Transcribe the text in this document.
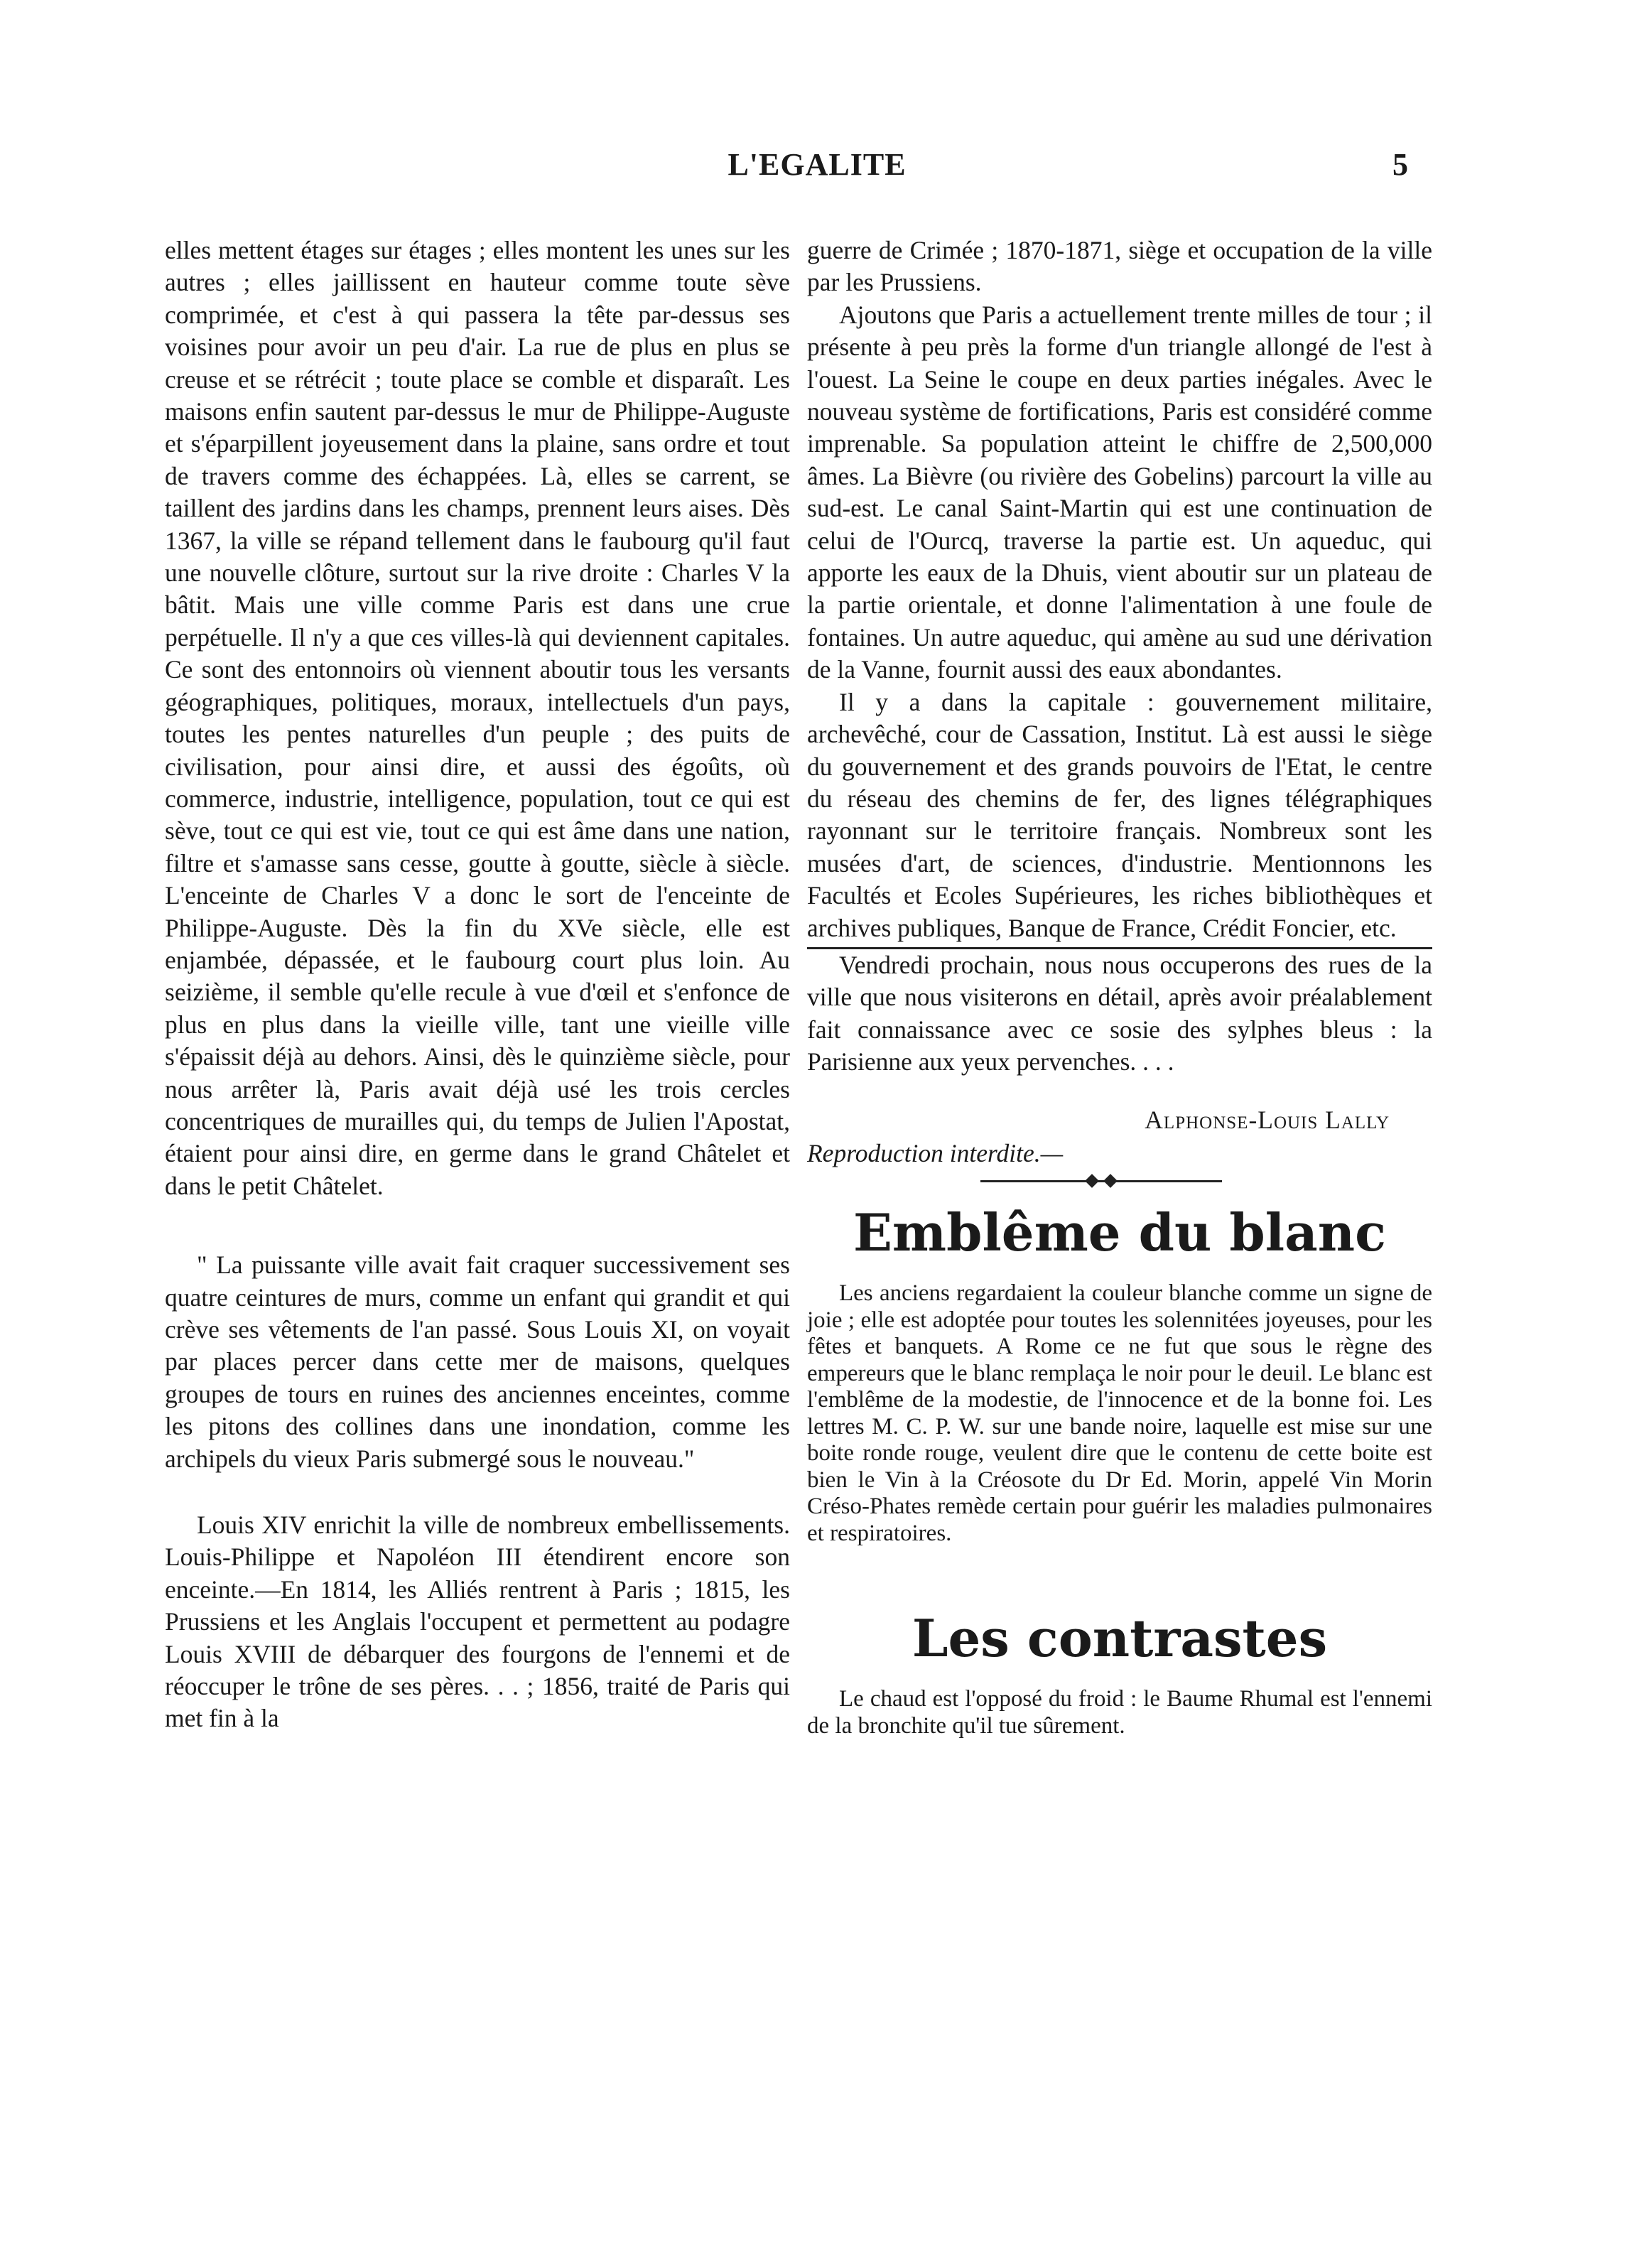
L'EGALITE	5

elles mettent étages sur étages ; elles montent les unes sur les autres ; elles jaillissent en hauteur comme toute sève comprimée, et c'est à qui passera la tête par-dessus ses voisines pour avoir un peu d'air. La rue de plus en plus se creuse et se rétrécit ; toute place se comble et disparaît. Les maisons enfin sautent par-dessus le mur de Philippe-Auguste et s'éparpillent joyeusement dans la plaine, sans ordre et tout de travers comme des échappées. Là, elles se carrent, se taillent des jardins dans les champs, prennent leurs aises. Dès 1367, la ville se répand tellement dans le faubourg qu'il faut une nouvelle clôture, surtout sur la rive droite : Charles V la bâtit. Mais une ville comme Paris est dans une crue perpétuelle. Il n'y a que ces villes-là qui deviennent capitales. Ce sont des entonnoirs où viennent aboutir tous les versants géographiques, politiques, moraux, intellectuels d'un pays, toutes les pentes naturelles d'un peuple ; des puits de civilisation, pour ainsi dire, et aussi des égoûts, où commerce, industrie, intelligence, population, tout ce qui est sève, tout ce qui est vie, tout ce qui est âme dans une nation, filtre et s'amasse sans cesse, goutte à goutte, siècle à siècle. L'enceinte de Charles V a donc le sort de l'enceinte de Philippe-Auguste. Dès la fin du XVe siècle, elle est enjambée, dépassée, et le faubourg court plus loin. Au seizième, il semble qu'elle recule à vue d'œil et s'enfonce de plus en plus dans la vieille ville, tant une vieille ville s'épaissit déjà au dehors. Ainsi, dès le quinzième siècle, pour nous arrêter là, Paris avait déjà usé les trois cercles concentriques de murailles qui, du temps de Julien l'Apostat, étaient pour ainsi dire, en germe dans le grand Châtelet et dans le petit Châtelet.

" La puissante ville avait fait craquer successivement ses quatre ceintures de murs, comme un enfant qui grandit et qui crève ses vêtements de l'an passé. Sous Louis XI, on voyait par places percer dans cette mer de maisons, quelques groupes de tours en ruines des anciennes enceintes, comme les pitons des collines dans une inondation, comme les archipels du vieux Paris submergé sous le nouveau."

Louis XIV enrichit la ville de nombreux embellissements. Louis-Philippe et Napoléon III étendirent encore son enceinte.—En 1814, les Alliés rentrent à Paris ; 1815, les Prussiens et les Anglais l'occupent et permettent au podagre Louis XVIII de débarquer des fourgons de l'ennemi et de réoccuper le trône de ses pères. . . ; 1856, traité de Paris qui met fin à la

guerre de Crimée ; 1870-1871, siège et occupation de la ville par les Prussiens.

Ajoutons que Paris a actuellement trente milles de tour ; il présente à peu près la forme d'un triangle allongé de l'est à l'ouest. La Seine le coupe en deux parties inégales. Avec le nouveau système de fortifications, Paris est considéré comme imprenable. Sa population atteint le chiffre de 2,500,000 âmes. La Bièvre (ou rivière des Gobelins) parcourt la ville au sud-est. Le canal Saint-Martin qui est une continuation de celui de l'Ourcq, traverse la partie est. Un aqueduc, qui apporte les eaux de la Dhuis, vient aboutir sur un plateau de la partie orientale, et donne l'alimentation à une foule de fontaines. Un autre aqueduc, qui amène au sud une dérivation de la Vanne, fournit aussi des eaux abondantes.

Il y a dans la capitale : gouvernement militaire, archevêché, cour de Cassation, Institut. Là est aussi le siège du gouvernement et des grands pouvoirs de l'Etat, le centre du réseau des chemins de fer, des lignes télégraphiques rayonnant sur le territoire français. Nombreux sont les musées d'art, de sciences, d'industrie. Mentionnons les Facultés et Ecoles Supérieures, les riches bibliothèques et archives publiques, Banque de France, Crédit Foncier, etc.

Vendredi prochain, nous nous occuperons des rues de la ville que nous visiterons en détail, après avoir préalablement fait connaissance avec ce sosie des sylphes bleus : la Parisienne aux yeux pervenches. . . .

Alphonse-Louis Lally

Reproduction interdite.—

Emblême du blanc

Les anciens regardaient la couleur blanche comme un signe de joie ; elle est adoptée pour toutes les solennitées joyeuses, pour les fêtes et banquets. A Rome ce ne fut que sous le règne des empereurs que le blanc remplaça le noir pour le deuil. Le blanc est l'emblême de la modestie, de l'innocence et de la bonne foi. Les lettres M. C. P. W. sur une bande noire, laquelle est mise sur une boite ronde rouge, veulent dire que le contenu de cette boite est bien le Vin à la Créosote du Dr Ed. Morin, appelé Vin Morin Créso-Phates remède certain pour guérir les maladies pulmonaires et respiratoires.

Les contrastes

Le chaud est l'opposé du froid : le Baume Rhumal est l'ennemi de la bronchite qu'il tue sûrement.
